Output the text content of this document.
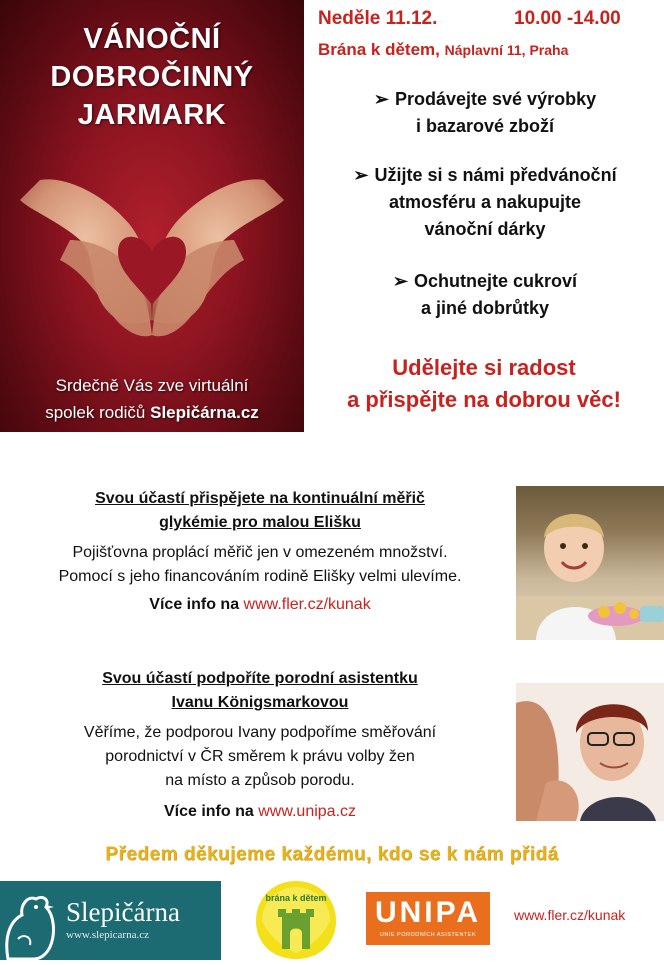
VÁNOČNÍ
DOBROČINNÝ
JARMARK
Srdečně Vás zve virtuální
spolek rodičů Slepičárna.cz
Neděle 11.12.	10.00 -14.00
Brána k dětem, Náplavní 11, Praha
➢ Prodávejte své výrobky
i bazarové zboží
➢ Užijte si s námi předvánoční
atmosféru a nakupujte
vánoční dárky
➢ Ochutnejte cukroví
a jiné dobrůtky
Udělejte si radost
a přispějte na dobrou věc!
Svou účastí přispějete na kontinuální měřič
glykémie pro malou Elišku
Pojišťovna proplácí měřič jen v omezeném množství.
Pomocí s jeho financováním rodině Elišky velmi ulevíme.
Více info na www.fler.cz/kunak
Svou účastí podpoříte porodní asistentku
Ivanu Königsmarkovou
Věříme, že podporou Ivany podpoříme směřování
porodnictví v ČR směrem k právu volby žen
na místo a způsob porodu.
Více info na www.unipa.cz
Předem děkujeme každému, kdo se k nám přidá
Slepičárna
www.slepicarna.cz
brána k dětem UNIPA
UNIE PORODNÍCH ASISTENTEK
www.fler.cz/kunak
